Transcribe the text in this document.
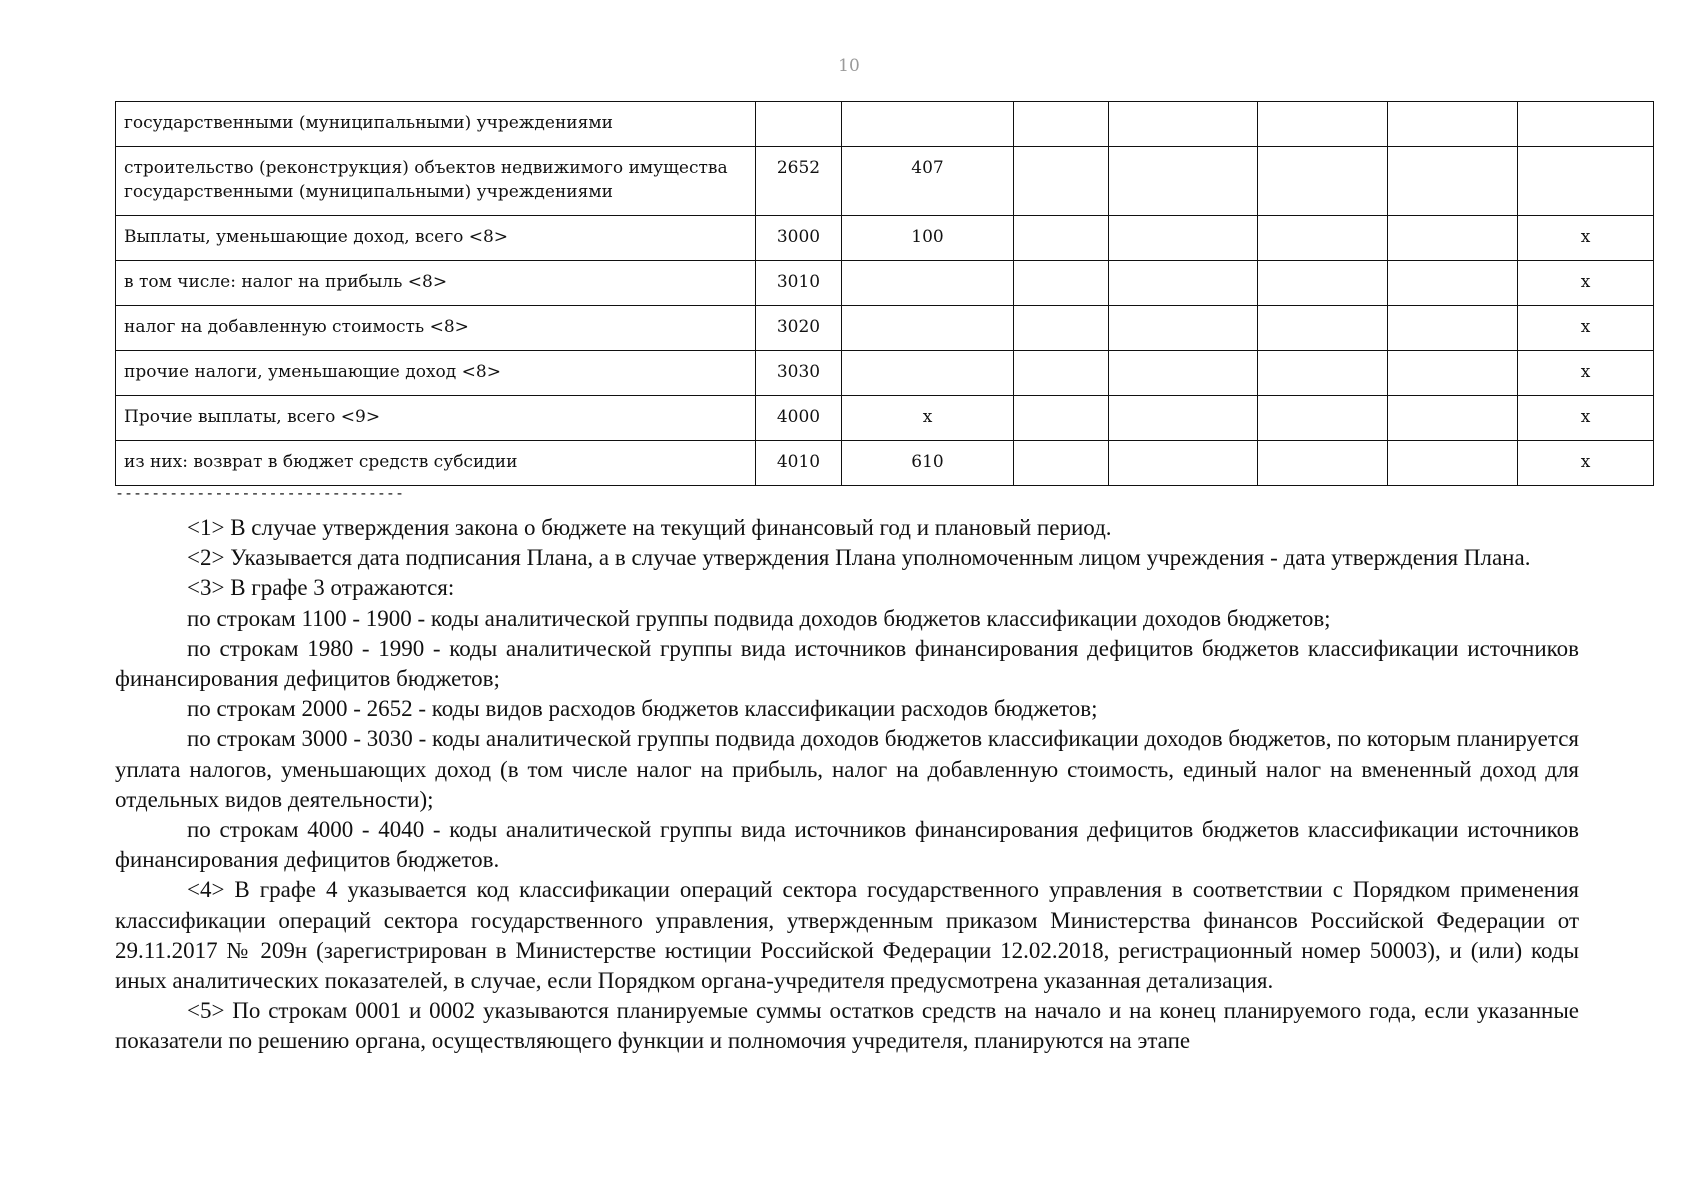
10
государственными (муниципальными) учреждениями							
строительство (реконструкция) объектов недвижимого имущества государственными (муниципальными) учреждениями	2652	407					
Выплаты, уменьшающие доход, всего <8>	3000	100					x
в том числе: налог на прибыль <8>	3010						x
налог на добавленную стоимость <8>	3020						x
прочие налоги, уменьшающие доход <8>	3030						x
Прочие выплаты, всего <9>	4000	x					x
из них: возврат в бюджет средств субсидии	4010	610					x
--------------------------------

<1> В случае утверждения закона о бюджете на текущий финансовый год и плановый период.

<2> Указывается дата подписания Плана, а в случае утверждения Плана уполномоченным лицом учреждения - дата утверждения Плана.

<3> В графе 3 отражаются:

по строкам 1100 - 1900 - коды аналитической группы подвида доходов бюджетов классификации доходов бюджетов;

по строкам 1980 - 1990 - коды аналитической группы вида источников финансирования дефицитов бюджетов классификации источников финансирования дефицитов бюджетов;

по строкам 2000 - 2652 - коды видов расходов бюджетов классификации расходов бюджетов;

по строкам 3000 - 3030 - коды аналитической группы подвида доходов бюджетов классификации доходов бюджетов, по которым планируется уплата налогов, уменьшающих доход (в том числе налог на прибыль, налог на добавленную стоимость, единый налог на вмененный доход для отдельных видов деятельности);

по строкам 4000 - 4040 - коды аналитической группы вида источников финансирования дефицитов бюджетов классификации источников финансирования дефицитов бюджетов.

<4> В графе 4 указывается код классификации операций сектора государственного управления в соответствии с Порядком применения классификации операций сектора государственного управления, утвержденным приказом Министерства финансов Российской Федерации от 29.11.2017 № 209н (зарегистрирован в Министерстве юстиции Российской Федерации 12.02.2018, регистрационный номер 50003), и (или) коды иных аналитических показателей, в случае, если Порядком органа-учредителя предусмотрена указанная детализация.

<5> По строкам 0001 и 0002 указываются планируемые суммы остатков средств на начало и на конец планируемого года, если указанные показатели по решению органа, осуществляющего функции и полномочия учредителя, планируются на этапе
